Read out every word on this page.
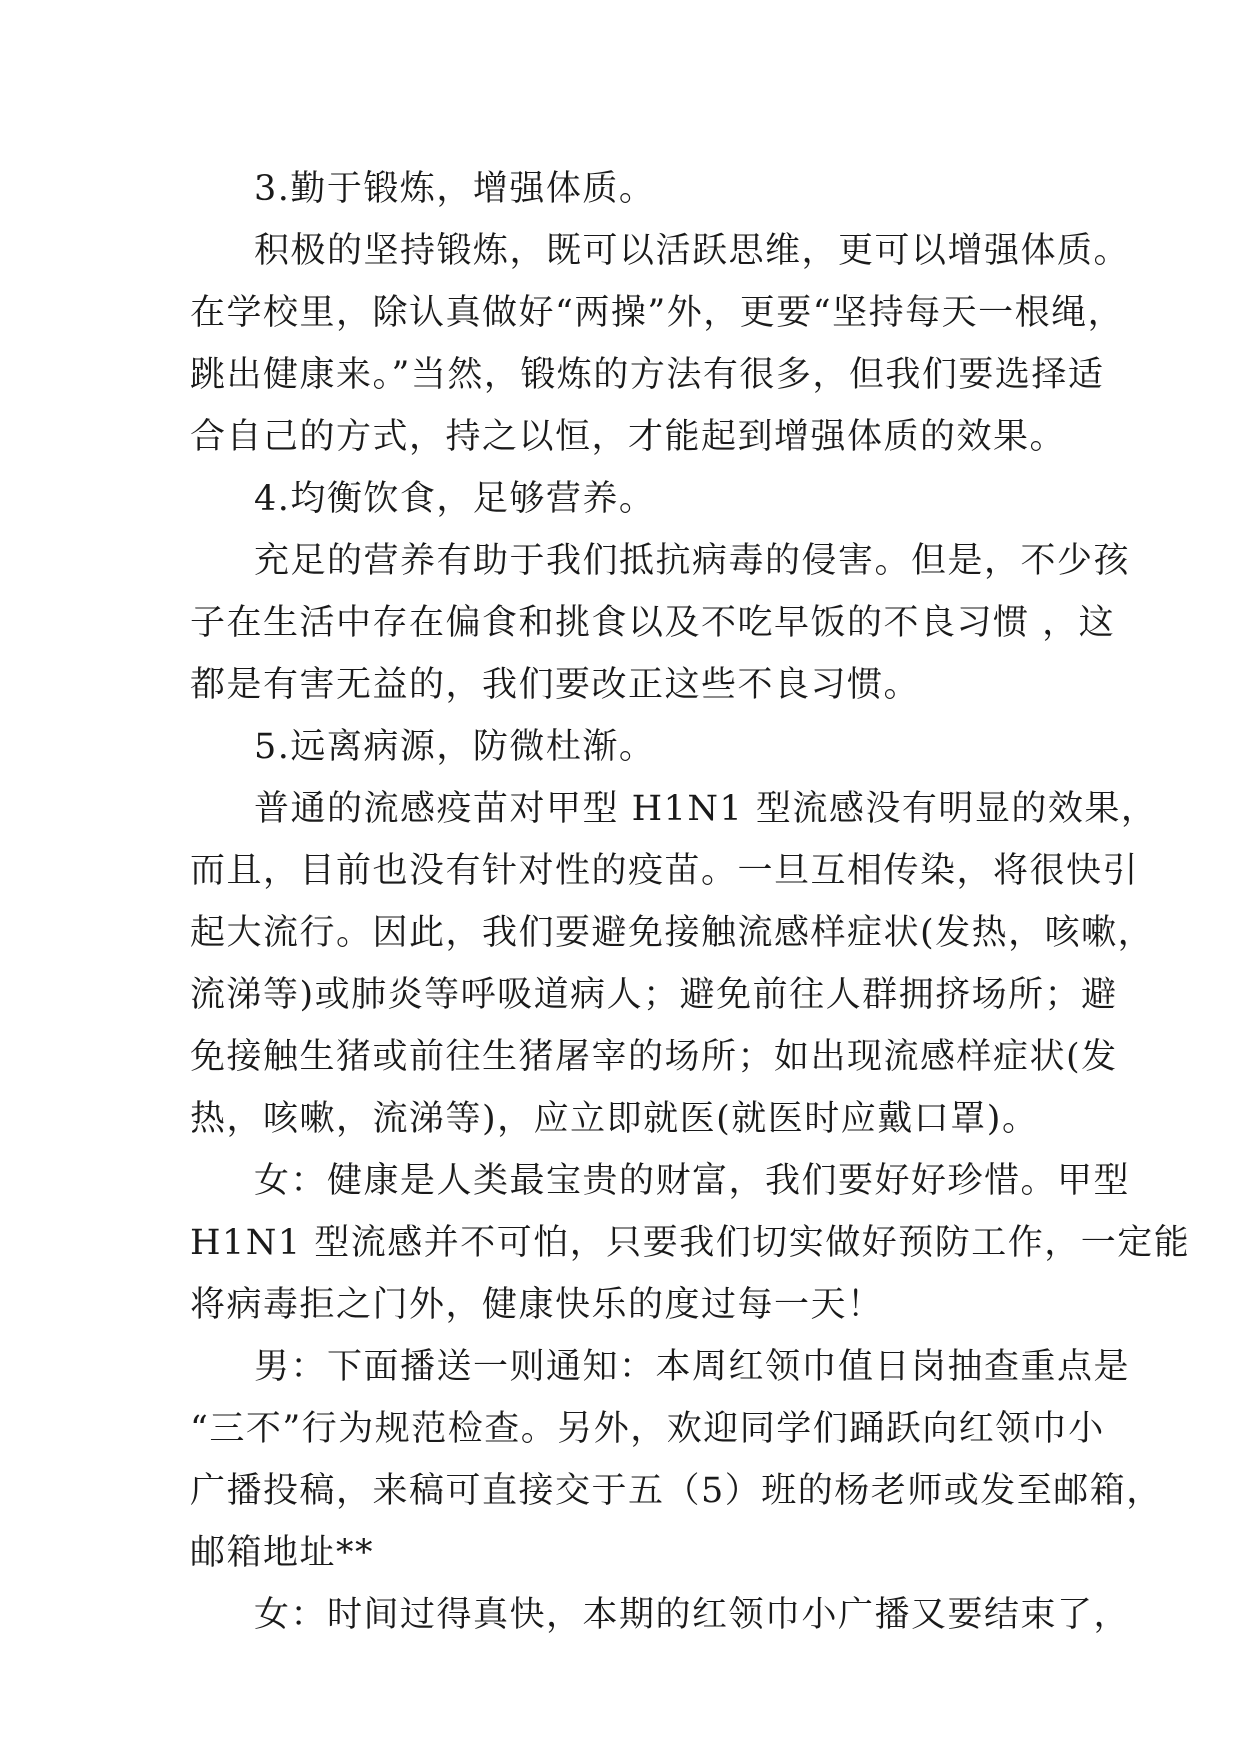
3.勤于锻炼，增强体质。
积极的坚持锻炼，既可以活跃思维，更可以增强体质。
在学校里，除认真做好“两操”外，更要“坚持每天一根绳，
跳出健康来。”当然，锻炼的方法有很多，但我们要选择适
合自己的方式，持之以恒，才能起到增强体质的效果。
4.均衡饮食，足够营养。
充足的营养有助于我们抵抗病毒的侵害。但是，不少孩
子在生活中存在偏食和挑食以及不吃早饭的不良习惯 ，这
都是有害无益的，我们要改正这些不良习惯。
5.远离病源，防微杜渐。
普通的流感疫苗对甲型 H1N1 型流感没有明显的效果，
而且，目前也没有针对性的疫苗。一旦互相传染，将很快引
起大流行。因此，我们要避免接触流感样症状(发热，咳嗽，
流涕等)或肺炎等呼吸道病人；避免前往人群拥挤场所；避
免接触生猪或前往生猪屠宰的场所；如出现流感样症状(发
热，咳嗽，流涕等)，应立即就医(就医时应戴口罩)。
女：健康是人类最宝贵的财富，我们要好好珍惜。甲型
H1N1 型流感并不可怕，只要我们切实做好预防工作，一定能
将病毒拒之门外，健康快乐的度过每一天！
男：下面播送一则通知：本周红领巾值日岗抽查重点是
“三不”行为规范检查。另外，欢迎同学们踊跃向红领巾小
广播投稿，来稿可直接交于五（5）班的杨老师或发至邮箱，
邮箱地址**
女：时间过得真快，本期的红领巾小广播又要结束了，
